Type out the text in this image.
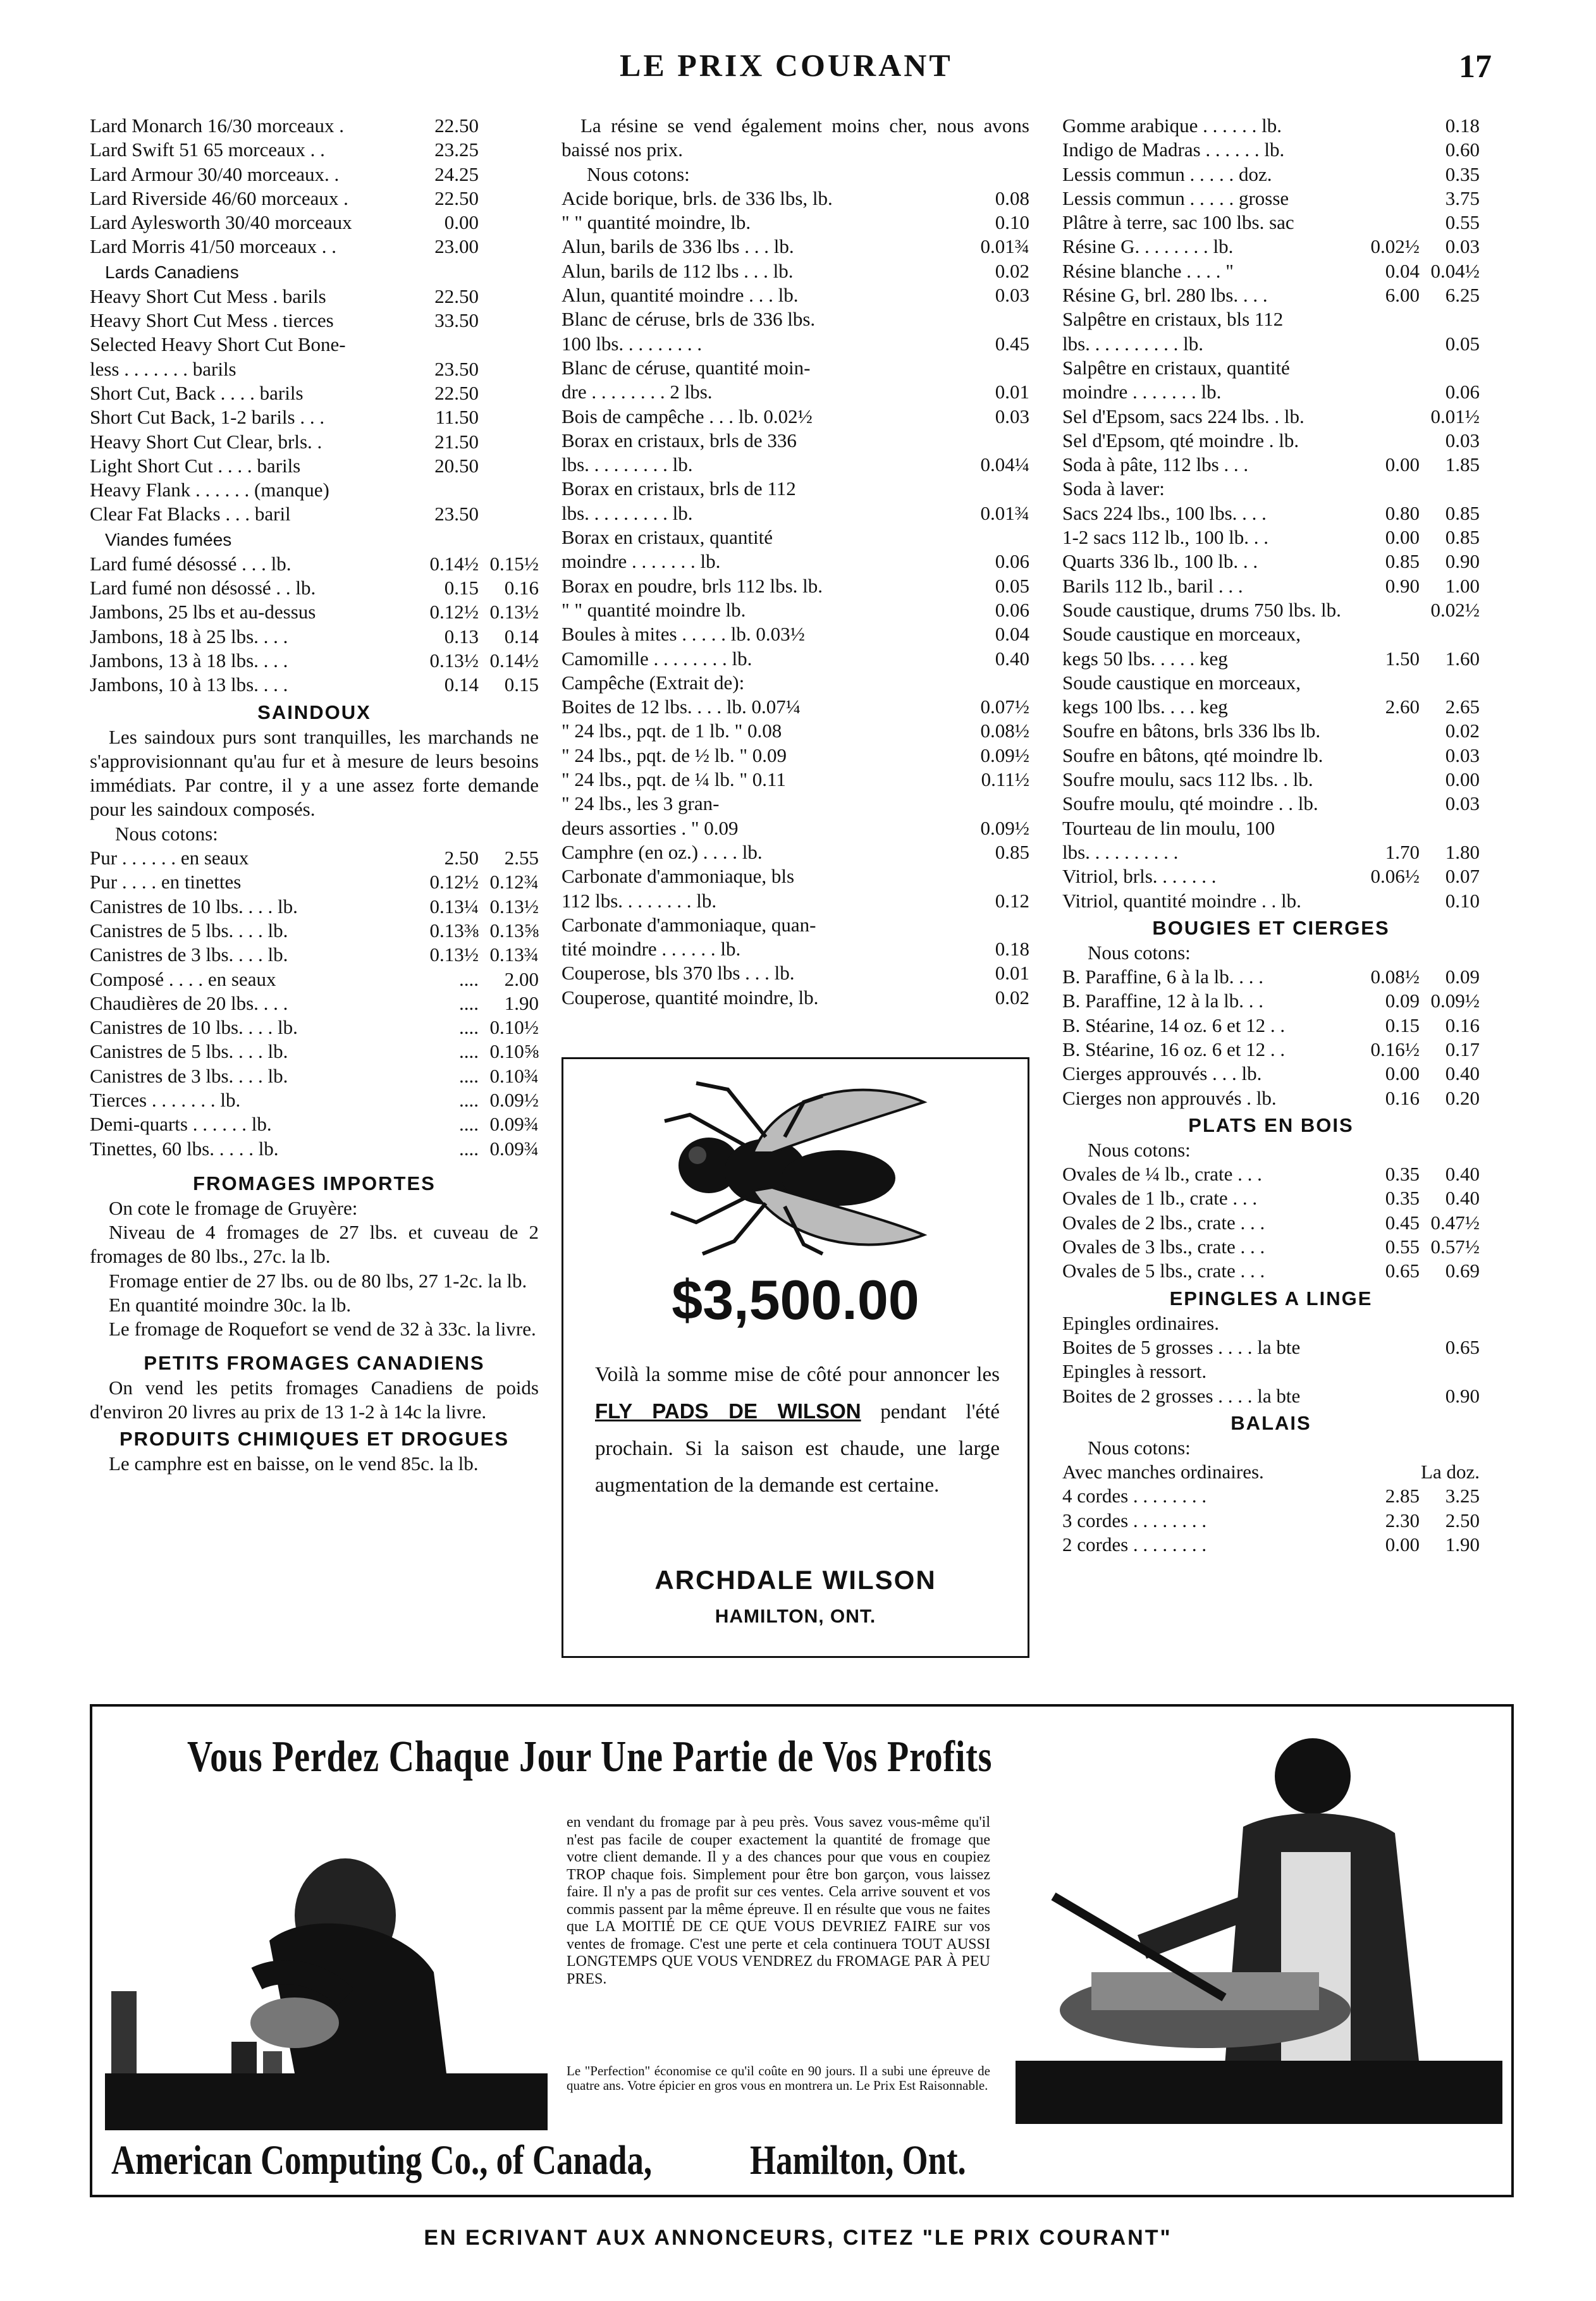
LE PRIX COURANT	17
Lard Monarch 16/30 morceaux .	22.50
Lard Swift 51 65 morceaux . .	23.25
Lard Armour 30/40 morceaux. .	24.25
Lard Riverside 46/60 morceaux .	22.50
Lard Aylesworth 30/40 morceaux	0.00
Lard Morris 41/50 morceaux . .	23.00
Lards Canadiens
Heavy Short Cut Mess . barils	22.50
Heavy Short Cut Mess . tierces	33.50
Selected Heavy Short Cut Bone-
less . . . . . . . barils	23.50
Short Cut, Back . . . . barils	22.50
Short Cut Back, 1-2 barils . . .	11.50
Heavy Short Cut Clear, brls. .	21.50
Light Short Cut . . . . barils	20.50
Heavy Flank . . . . . . (manque)
Clear Fat Blacks . . . baril	23.50
Viandes fumées
Lard fumé désossé . . . lb.	0.14½ 0.15½
Lard fumé non désossé . . lb.	0.15	0.16
Jambons, 25 lbs et au-dessus	0.12½ 0.13½
Jambons, 18 à 25 lbs. . . .	0.13	0.14
Jambons, 13 à 18 lbs. . . .	0.13½ 0.14½
Jambons, 10 à 13 lbs. . . .	0.14	0.15
SAINDOUX
Les saindoux purs sont tranquilles, les marchands ne s'approvisionnant qu'au fur et à mesure de leurs besoins immédiats. Par contre, il y a une assez forte demande pour les saindoux composés.
Nous cotons:
Pur . . . . . . en seaux	2.50	2.55
Pur . . . . en tinettes	0.12½ 0.12¾
Canistres de 10 lbs. . . . lb.	0.13¼ 0.13½
Canistres de 5 lbs. . . . lb.	0.13⅜ 0.13⅝
Canistres de 3 lbs. . . . lb.	0.13½ 0.13¾
Composé . . . . en seaux	....	2.00
Chaudières de 20 lbs. . . .	....	1.90
Canistres de 10 lbs. . . . lb.	.... 0.10½
Canistres de 5 lbs. . . . lb.	.... 0.10⅝
Canistres de 3 lbs. . . . lb.	.... 0.10¾
Tierces . . . . . . . lb.	.... 0.09½
Demi-quarts . . . . . . lb.	.... 0.09¾
Tinettes, 60 lbs. . . . . lb.	.... 0.09¾
FROMAGES IMPORTES
On cote le fromage de Gruyère:
Niveau de 4 fromages de 27 lbs. et cuveau de 2 fromages de 80 lbs., 27c. la lb.
Fromage entier de 27 lbs. ou de 80 lbs, 27 1-2c. la lb.
En quantité moindre 30c. la lb.
Le fromage de Roquefort se vend de 32 à 33c. la livre.
PETITS FROMAGES CANADIENS
On vend les petits fromages Canadiens de poids d'environ 20 livres au prix de 13 1-2 à 14c la livre.
PRODUITS CHIMIQUES ET DROGUES
Le camphre est en baisse, on le vend 85c. la lb.
La résine se vend également moins cher, nous avons baissé nos prix.
Nous cotons:
Acide borique, brls. de 336 lbs, lb.	0.08
" " quantité moindre, lb.	0.10
Alun, barils de 336 lbs . . . lb.	0.01¾
Alun, barils de 112 lbs . . . lb.	0.02
Alun, quantité moindre . . . lb.	0.03
Blanc de céruse, brls de 336 lbs.
100 lbs. . . . . . . . .	0.45
Blanc de céruse, quantité moin-
dre . . . . . . . . 2 lbs.	0.01
Bois de campêche . . . lb. 0.02½	0.03
Borax en cristaux, brls de 336
lbs. . . . . . . . . lb.	0.04¼
Borax en cristaux, brls de 112
lbs. . . . . . . . . lb.	0.01¾
Borax en cristaux, quantité
moindre . . . . . . . lb.	0.06
Borax en poudre, brls 112 lbs. lb.	0.05
" " quantité moindre lb.	0.06
Boules à mites . . . . . lb. 0.03½	0.04
Camomille . . . . . . . . lb.	0.40
Campêche (Extrait de):
Boites de 12 lbs. . . . lb. 0.07¼	0.07½
" 24 lbs., pqt. de 1 lb. " 0.08	0.08½
" 24 lbs., pqt. de ½ lb. " 0.09	0.09½
" 24 lbs., pqt. de ¼ lb. " 0.11	0.11½
" 24 lbs., les 3 gran-
deurs assorties . " 0.09	0.09½
Camphre (en oz.) . . . . lb.	0.85
Carbonate d'ammoniaque, bls
112 lbs. . . . . . . . lb.	0.12
Carbonate d'ammoniaque, quan-
tité moindre . . . . . . lb.	0.18
Couperose, bls 370 lbs . . . lb.	0.01
Couperose, quantité moindre, lb.	0.02
$3,500.00
Voilà la somme mise de côté pour annoncer les FLY PADS DE WILSON pendant l'été prochain. Si la saison est chaude, une large augmentation de la demande est certaine.
ARCHDALE WILSON
HAMILTON, ONT.
Gomme arabique . . . . . . lb.	0.18
Indigo de Madras . . . . . . lb.	0.60
Lessis commun . . . . . doz.	0.35
Lessis commun . . . . . grosse	3.75
Plâtre à terre, sac 100 lbs. sac	0.55
Résine G. . . . . . . . lb.	0.02½	0.03
Résine blanche . . . . "	0.04 0.04½
Résine G, brl. 280 lbs. . . .	6.00	6.25
Salpêtre en cristaux, bls 112
lbs. . . . . . . . . . lb.	0.05
Salpêtre en cristaux, quantité
moindre . . . . . . . lb.	0.06
Sel d'Epsom, sacs 224 lbs. . lb.	0.01½
Sel d'Epsom, qté moindre . lb.	0.03
Soda à pâte, 112 lbs . . .	0.00	1.85
Soda à laver:
Sacs 224 lbs., 100 lbs. . . .	0.80	0.85
1-2 sacs 112 lb., 100 lb. . .	0.00	0.85
Quarts 336 lb., 100 lb. . .	0.85	0.90
Barils 112 lb., baril . . .	0.90	1.00
Soude caustique, drums 750 lbs. lb.	0.02½
Soude caustique en morceaux,
kegs 50 lbs. . . . . keg	1.50	1.60
Soude caustique en morceaux,
kegs 100 lbs. . . . keg	2.60	2.65
Soufre en bâtons, brls 336 lbs lb.	0.02
Soufre en bâtons, qté moindre lb.	0.03
Soufre moulu, sacs 112 lbs. . lb.	0.00
Soufre moulu, qté moindre . . lb.	0.03
Tourteau de lin moulu, 100
lbs. . . . . . . . . .	1.70	1.80
Vitriol, brls. . . . . . .	0.06½	0.07
Vitriol, quantité moindre . . lb.	0.10
BOUGIES ET CIERGES
Nous cotons:
B. Paraffine, 6 à la lb. . . .	0.08½	0.09
B. Paraffine, 12 à la lb. . .	0.09 0.09½
B. Stéarine, 14 oz. 6 et 12 . .	0.15	0.16
B. Stéarine, 16 oz. 6 et 12 . .	0.16½	0.17
Cierges approuvés . . . lb.	0.00	0.40
Cierges non approuvés . lb.	0.16	0.20
PLATS EN BOIS
Nous cotons:
Ovales de ¼ lb., crate . . .	0.35	0.40
Ovales de 1 lb., crate . . .	0.35	0.40
Ovales de 2 lbs., crate . . .	0.45 0.47½
Ovales de 3 lbs., crate . . .	0.55 0.57½
Ovales de 5 lbs., crate . . .	0.65	0.69
EPINGLES A LINGE
Epingles ordinaires.
Boites de 5 grosses . . . . la bte	0.65
Epingles à ressort.
Boites de 2 grosses . . . . la bte	0.90
BALAIS
Nous cotons:
Avec manches ordinaires.	La doz.
4 cordes . . . . . . . .	2.85	3.25
3 cordes . . . . . . . .	2.30	2.50
2 cordes . . . . . . . .	0.00	1.90
Vous Perdez Chaque Jour Une Partie de Vos Profits
en vendant du fromage par à peu près. Vous savez vous-même qu'il n'est pas facile de couper exactement la quantité de fromage que votre client demande. Il y a des chances pour que vous en coupiez TROP chaque fois. Simplement pour être bon garçon, vous laissez faire. Il n'y a pas de profit sur ces ventes. Cela arrive souvent et vos commis passent par la même épreuve. Il en résulte que vous ne faites que LA MOITIÉ DE CE QUE VOUS DEVRIEZ FAIRE sur vos ventes de fromage. C'est une perte et cela continuera TOUT AUSSI LONGTEMPS QUE VOUS VENDREZ du FROMAGE PAR À PEU PRES.
Le "Perfection" économise ce qu'il coûte en 90 jours. Il a subi une épreuve de quatre ans. Votre épicier en gros vous en montrera un. Le Prix Est Raisonnable.
American Computing Co., of Canada, Hamilton, Ont.
EN ECRIVANT AUX ANNONCEURS, CITEZ "LE PRIX COURANT"
